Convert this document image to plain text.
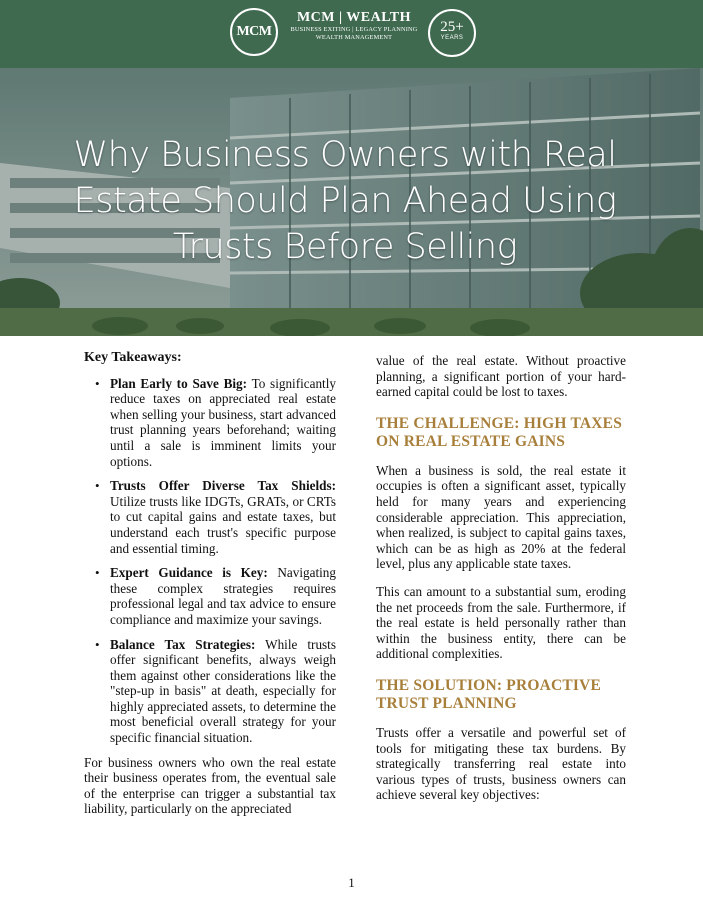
MCM
MCM | WEALTH
BUSINESS EXITING | LEGACY PLANNING
WEALTH MANAGEMENT
25+
YEARS
Why Business Owners with Real Estate Should Plan Ahead Using Trusts Before Selling
Key Takeaways:
• Plan Early to Save Big: To significantly reduce taxes on appreciated real estate when selling your business, start advanced trust planning years beforehand; waiting until a sale is imminent limits your options.
• Trusts Offer Diverse Tax Shields: Utilize trusts like IDGTs, GRATs, or CRTs to cut capital gains and estate taxes, but understand each trust's specific purpose and essential timing.
• Expert Guidance is Key: Navigating these complex strategies requires professional legal and tax advice to ensure compliance and maximize your savings.
• Balance Tax Strategies: While trusts offer significant benefits, always weigh them against other considerations like the "step-up in basis" at death, especially for highly appreciated assets, to determine the most beneficial overall strategy for your specific financial situation.

For business owners who own the real estate their business operates from, the eventual sale of the enterprise can trigger a substantial tax liability, particularly on the appreciated

value of the real estate. Without proactive planning, a significant portion of your hard-earned capital could be lost to taxes.

THE CHALLENGE: HIGH TAXES ON REAL ESTATE GAINS

When a business is sold, the real estate it occupies is often a significant asset, typically held for many years and experiencing considerable appreciation. This appreciation, when realized, is subject to capital gains taxes, which can be as high as 20% at the federal level, plus any applicable state taxes.

This can amount to a substantial sum, eroding the net proceeds from the sale. Furthermore, if the real estate is held personally rather than within the business entity, there can be additional complexities.

THE SOLUTION: PROACTIVE TRUST PLANNING

Trusts offer a versatile and powerful set of tools for mitigating these tax burdens. By strategically transferring real estate into various types of trusts, business owners can achieve several key objectives:

1
